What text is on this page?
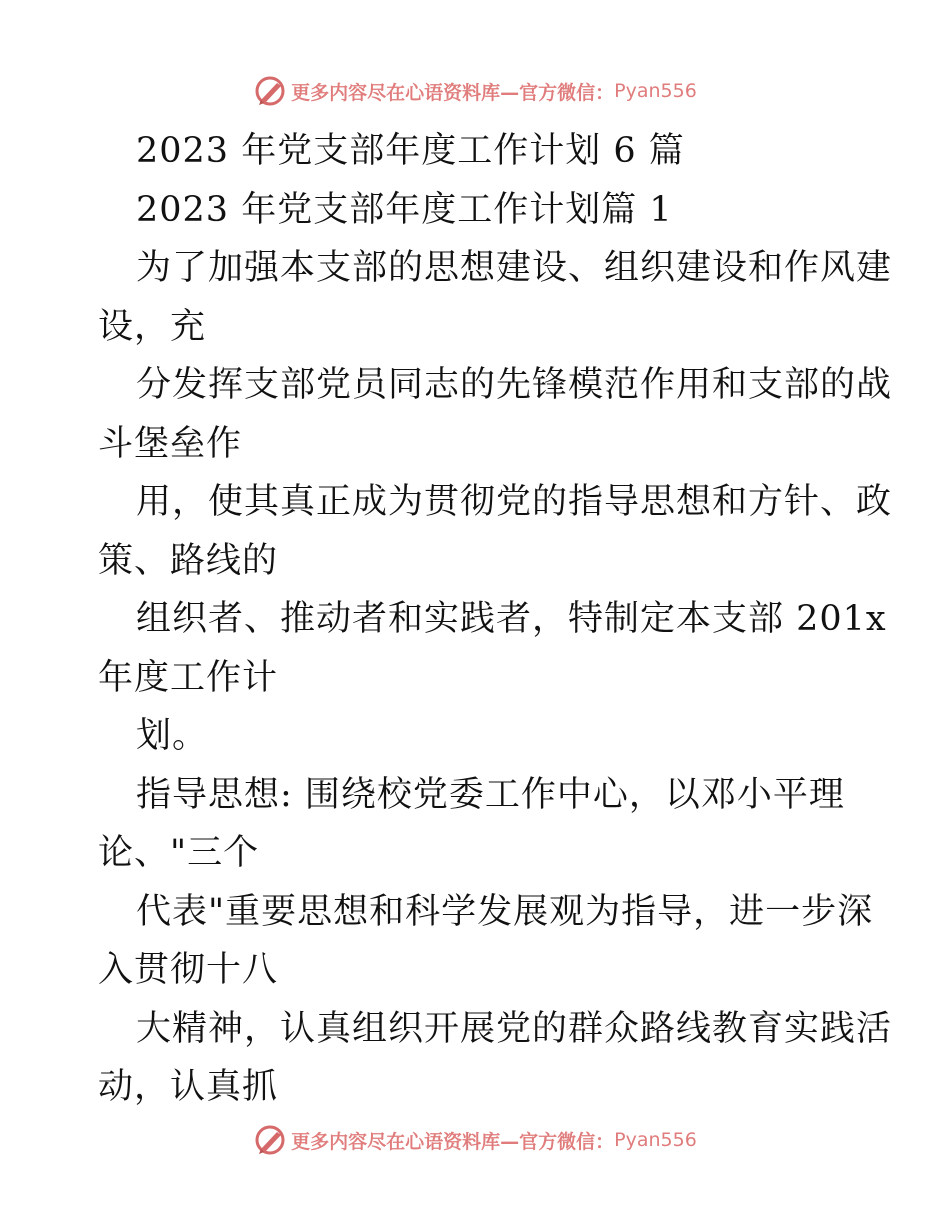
更多内容尽在心语资料库—官方微信： Pyan556
2023 年党支部年度工作计划 6 篇
2023 年党支部年度工作计划篇 1
为了加强本支部的思想建设、组织建设和作风建
设，充
分发挥支部党员同志的先锋模范作用和支部的战
斗堡垒作
用，使其真正成为贯彻党的指导思想和方针、政
策、路线的
组织者、推动者和实践者，特制定本支部 201x
年度工作计
划。
指导思想: 围绕校党委工作中心，以邓小平理
论、"三个
代表"重要思想和科学发展观为指导，进一步深
入贯彻十八
大精神，认真组织开展党的群众路线教育实践活
动，认真抓
更多内容尽在心语资料库—官方微信： Pyan556
